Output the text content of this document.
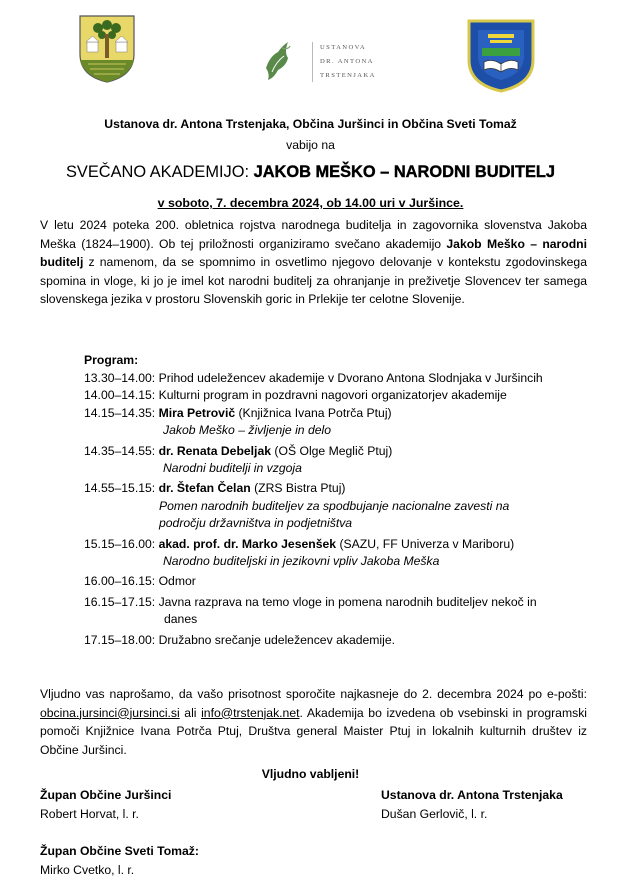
USTANOVA
DR. ANTONA
TRSTENJAKA
Ustanova dr. Antona Trstenjaka, Občina Juršinci in Občina Sveti Tomaž
vabijo na
SVEČANO AKADEMIJO: JAKOB MEŠKO – NARODNI BUDITELJ
v soboto, 7. decembra 2024, ob 14.00 uri v Juršince.
V letu 2024 poteka 200. obletnica rojstva narodnega buditelja in zagovornika slovenstva Jakoba Meška (1824–1900). Ob tej priložnosti organiziramo svečano akademijo Jakob Meško – narodni buditelj z namenom, da se spomnimo in osvetlimo njegovo delovanje v kontekstu zgodovinskega spomina in vloge, ki jo je imel kot narodni buditelj za ohranjanje in preživetje Slovencev ter samega slovenskega jezika v prostoru Slovenskih goric in Prlekije ter celotne Slovenije.
Program:
13.30–14.00: Prihod udeležencev akademije v Dvorano Antona Slodnjaka v Juršincih
14.00–14.15: Kulturni program in pozdravni nagovori organizatorjev akademije
14.15–14.35: Mira Petrovič (Knjižnica Ivana Potrča Ptuj)
Jakob Meško – življenje in delo
14.35–14.55: dr. Renata Debeljak (OŠ Olge Meglič Ptuj)
Narodni buditelji in vzgoja
14.55–15.15: dr. Štefan Čelan (ZRS Bistra Ptuj)
Pomen narodnih buditeljev za spodbujanje nacionalne zavesti na
področju državništva in podjetništva
15.15–16.00: akad. prof. dr. Marko Jesenšek (SAZU, FF Univerza v Mariboru)
Narodno buditeljski in jezikovni vpliv Jakoba Meška
16.00–16.15: Odmor
16.15–17.15: Javna razprava na temo vloge in pomena narodnih buditeljev nekoč in
danes
17.15–18.00: Družabno srečanje udeležencev akademije.
Vljudno vas naprošamo, da vašo prisotnost sporočite najkasneje do 2. decembra 2024 po e-pošti: obcina.jursinci@jursinci.si ali info@trstenjak.net. Akademija bo izvedena ob vsebinski in programski pomoči Knjižnice Ivana Potrča Ptuj, Društva general Maister Ptuj in lokalnih kulturnih društev iz Občine Juršinci.
Vljudno vabljeni!
Župan Občine Juršinci
Robert Horvat, l. r.
Ustanova dr. Antona Trstenjaka
Dušan Gerlovič, l. r.
Župan Občine Sveti Tomaž:
Mirko Cvetko, l. r.
